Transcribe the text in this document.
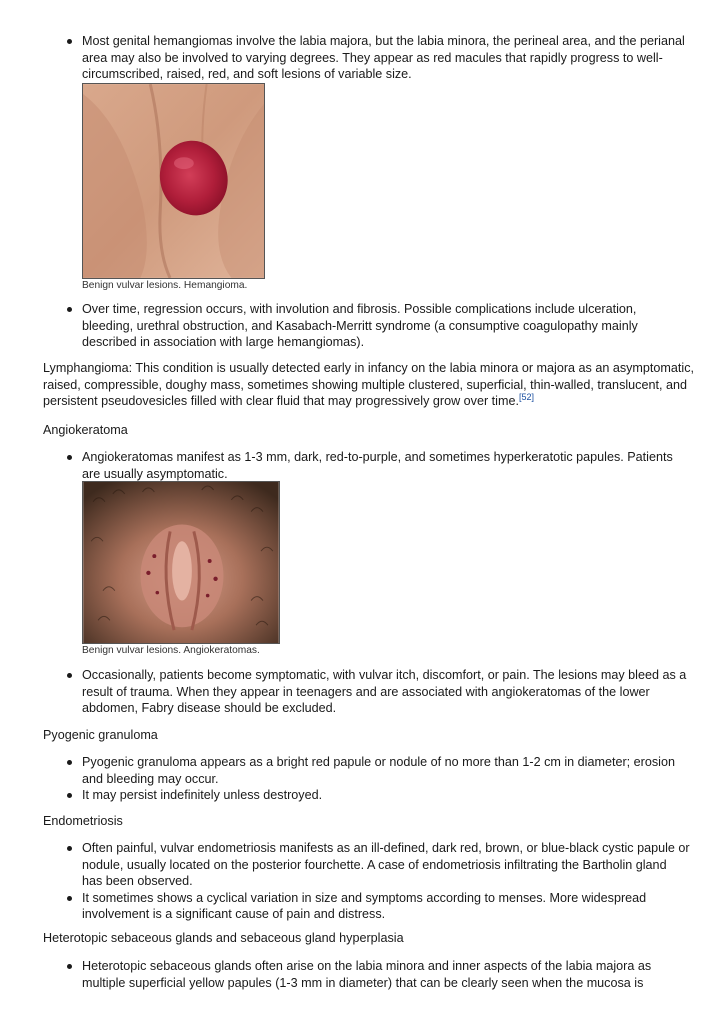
Most genital hemangiomas involve the labia majora, but the labia minora, the perineal area, and the perianal area may also be involved to varying degrees. They appear as red macules that rapidly progress to well-circumscribed, raised, red, and soft lesions of variable size.
Benign vulvar lesions. Hemangioma.
Over time, regression occurs, with involution and fibrosis. Possible complications include ulceration, bleeding, urethral obstruction, and Kasabach-Merritt syndrome (a consumptive coagulopathy mainly described in association with large hemangiomas).

Lymphangioma: This condition is usually detected early in infancy on the labia minora or majora as an asymptomatic, raised, compressible, doughy mass, sometimes showing multiple clustered, superficial, thin-walled, translucent, and persistent pseudovesicles filled with clear fluid that may progressively grow over time.[52]

Angiokeratoma

Angiokeratomas manifest as 1-3 mm, dark, red-to-purple, and sometimes hyperkeratotic papules. Patients are usually asymptomatic.
Benign vulvar lesions. Angiokeratomas.
Occasionally, patients become symptomatic, with vulvar itch, discomfort, or pain. The lesions may bleed as a result of trauma. When they appear in teenagers and are associated with angiokeratomas of the lower abdomen, Fabry disease should be excluded.

Pyogenic granuloma

Pyogenic granuloma appears as a bright red papule or nodule of no more than 1-2 cm in diameter; erosion and bleeding may occur.
It may persist indefinitely unless destroyed.

Endometriosis

Often painful, vulvar endometriosis manifests as an ill-defined, dark red, brown, or blue-black cystic papule or nodule, usually located on the posterior fourchette. A case of endometriosis infiltrating the Bartholin gland has been observed.
It sometimes shows a cyclical variation in size and symptoms according to menses. More widespread involvement is a significant cause of pain and distress.

Heterotopic sebaceous glands and sebaceous gland hyperplasia

Heterotopic sebaceous glands often arise on the labia minora and inner aspects of the labia majora as multiple superficial yellow papules (1-3 mm in diameter) that can be clearly seen when the mucosa is
